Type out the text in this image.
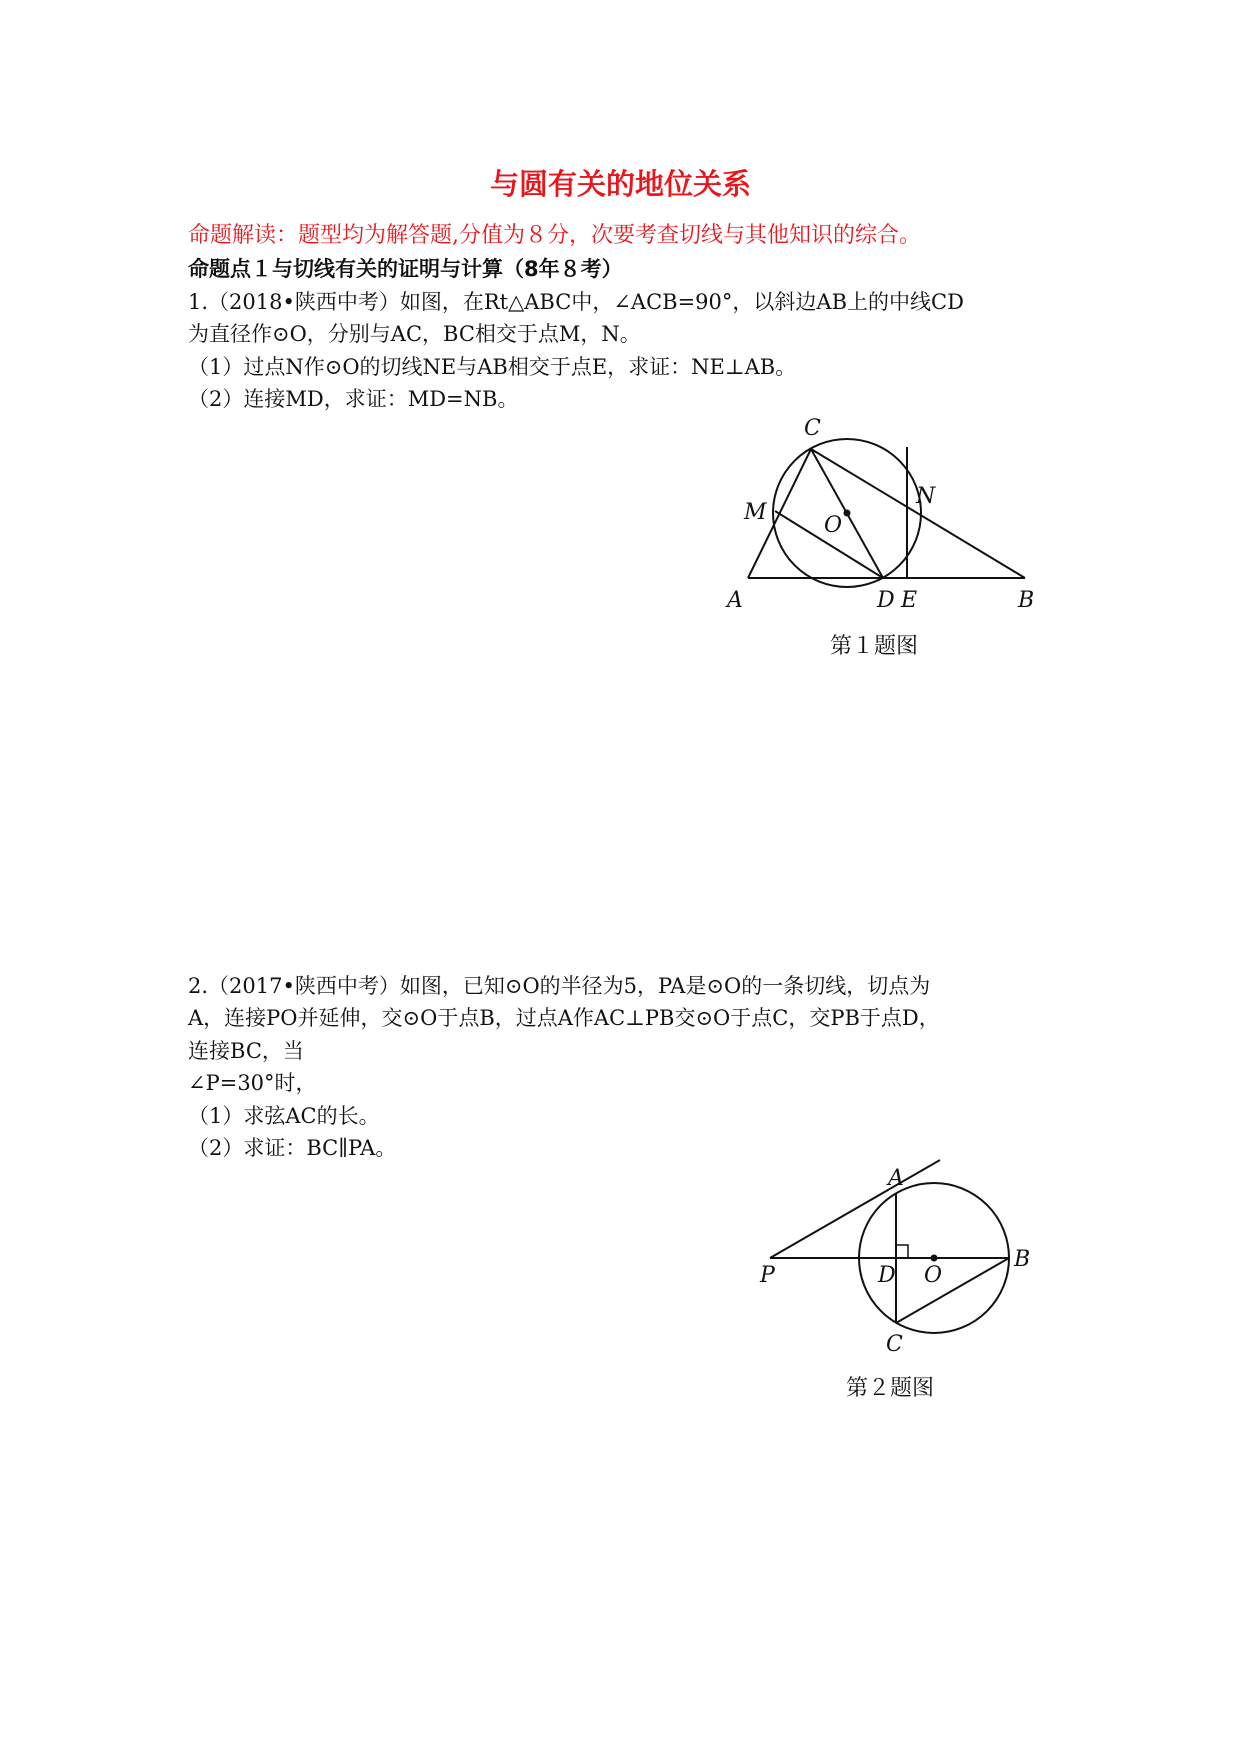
与圆有关的地位关系
命题解读：题型均为解答题,分值为８分，次要考查切线与其他知识的综合。
命题点１与切线有关的证明与计算（8年８考）
1.（2018•陕西中考）如图，在Rt△ABC中，∠ACB=90°，以斜边AB上的中线CD
为直径作⊙O，分别与AC，BC相交于点M，N。
（1）过点N作⊙O的切线NE与AB相交于点E，求证：NE⊥AB。
（2）连接MD，求证：MD=NB。
C
M
O
N
A	D E	B
第１题图
2.（2017•陕西中考）如图，已知⊙O的半径为5，PA是⊙O的一条切线，切点为
A，连接PO并延伸，交⊙O于点B，过点A作AC⊥PB交⊙O于点C，交PB于点D，
连接BC，当
∠P=30°时，
（1）求弦AC的长。
（2）求证：BC∥PA。
A
P	D O
B
C
第２题图
